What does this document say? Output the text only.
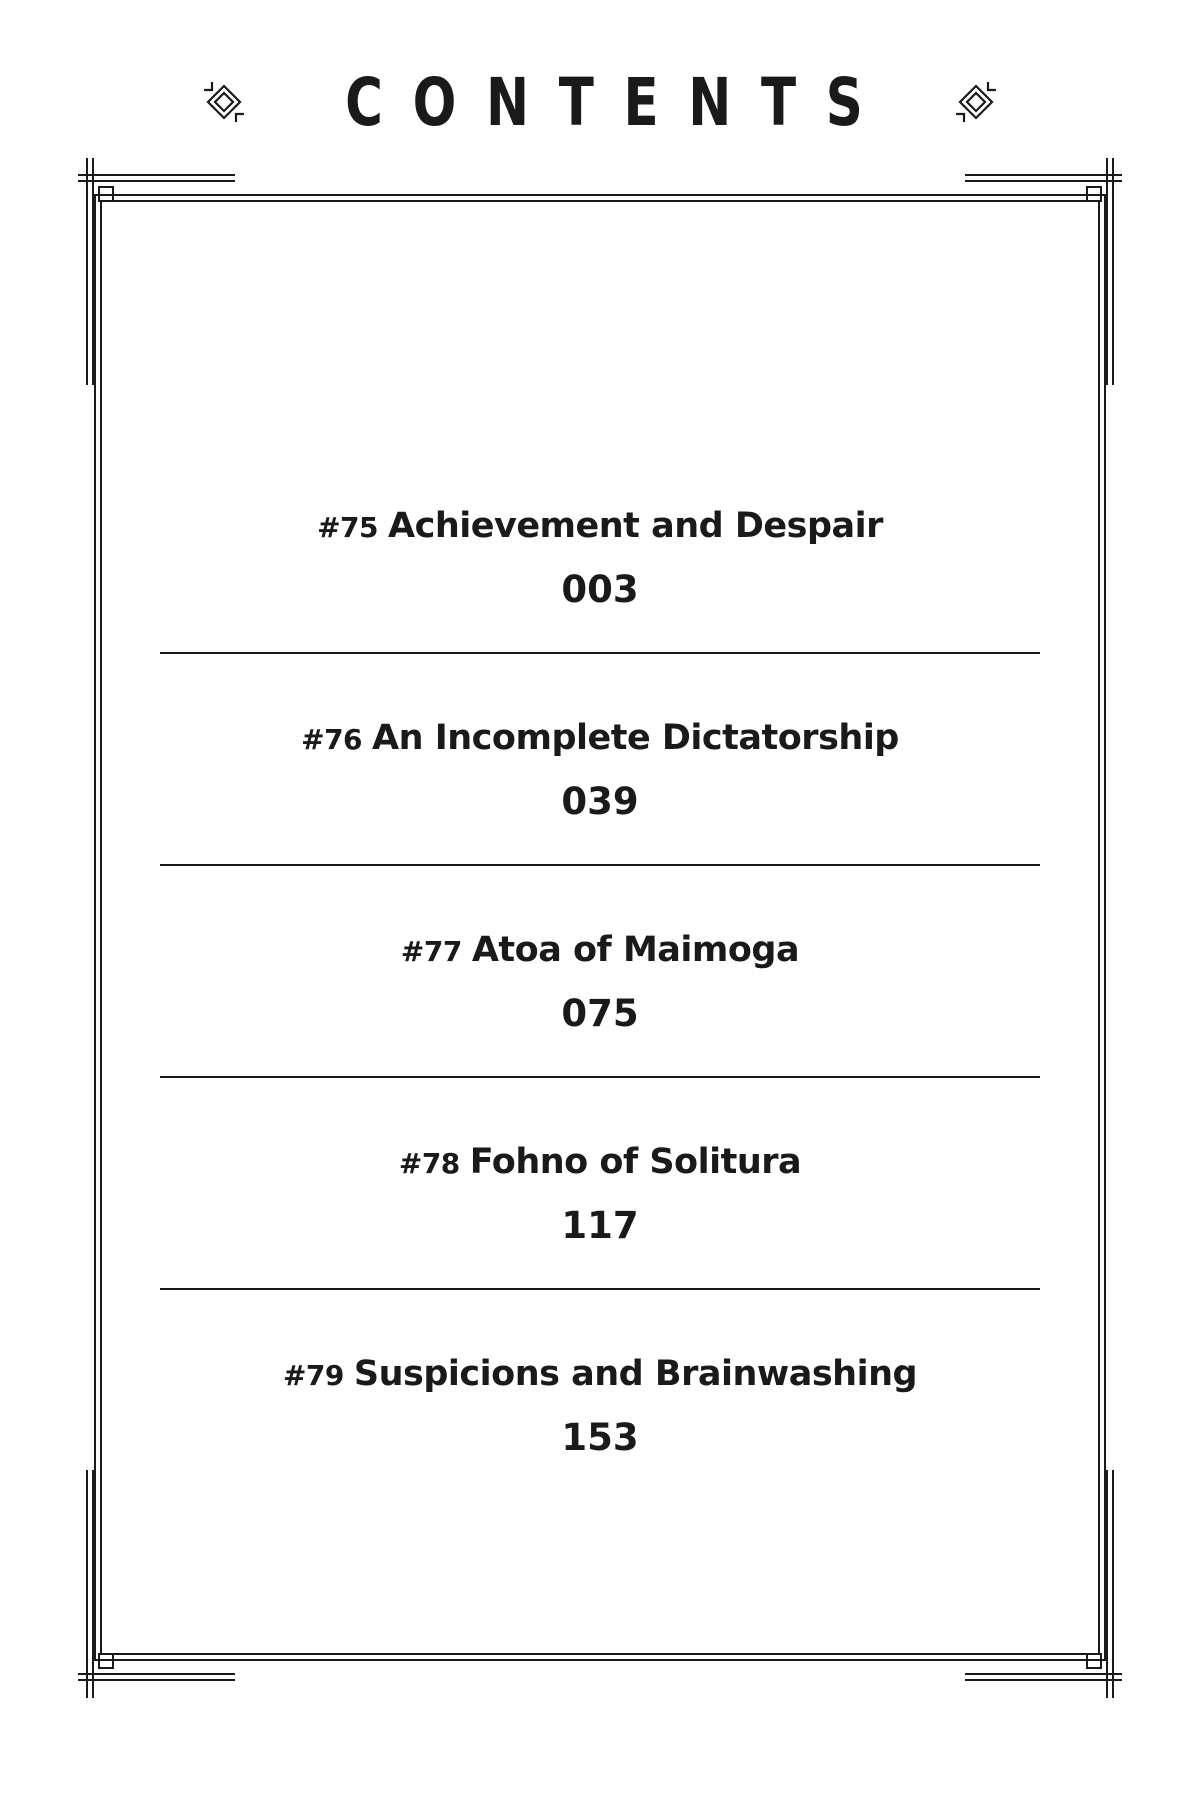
CONTENTS
#75 Achievement and Despair
003
#76 An Incomplete Dictatorship
039
#77 Atoa of Maimoga
075
#78 Fohno of Solitura
117
#79 Suspicions and Brainwashing
153
